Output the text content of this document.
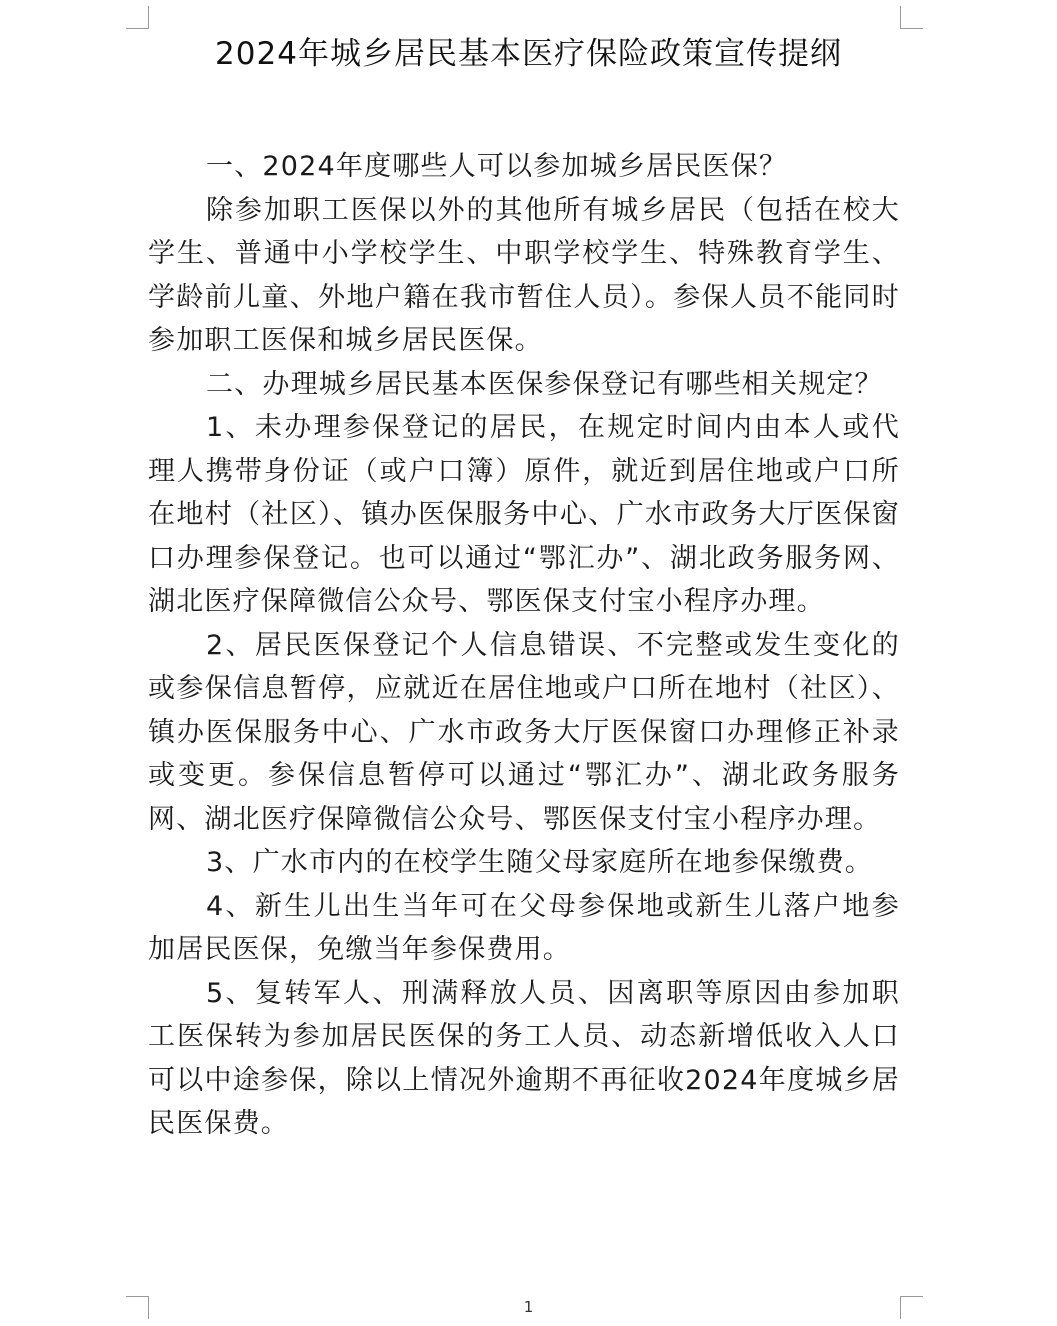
2024年城乡居民基本医疗保险政策宣传提纲

一、2024年度哪些人可以参加城乡居民医保？

除参加职工医保以外的其他所有城乡居民（包括在校大学生、普通中小学校学生、中职学校学生、特殊教育学生、学龄前儿童、外地户籍在我市暂住人员）。参保人员不能同时参加职工医保和城乡居民医保。

二、办理城乡居民基本医保参保登记有哪些相关规定？

1、未办理参保登记的居民，在规定时间内由本人或代理人携带身份证（或户口簿）原件，就近到居住地或户口所在地村（社区）、镇办医保服务中心、广水市政务大厅医保窗口办理参保登记。也可以通过“鄂汇办”、湖北政务服务网、湖北医疗保障微信公众号、鄂医保支付宝小程序办理。

2、居民医保登记个人信息错误、不完整或发生变化的或参保信息暂停，应就近在居住地或户口所在地村（社区）、镇办医保服务中心、广水市政务大厅医保窗口办理修正补录或变更。参保信息暂停可以通过“鄂汇办”、湖北政务服务网、湖北医疗保障微信公众号、鄂医保支付宝小程序办理。

3、广水市内的在校学生随父母家庭所在地参保缴费。

4、新生儿出生当年可在父母参保地或新生儿落户地参加居民医保，免缴当年参保费用。

5、复转军人、刑满释放人员、因离职等原因由参加职工医保转为参加居民医保的务工人员、动态新增低收入人口可以中途参保，除以上情况外逾期不再征收2024年度城乡居民医保费。

1
